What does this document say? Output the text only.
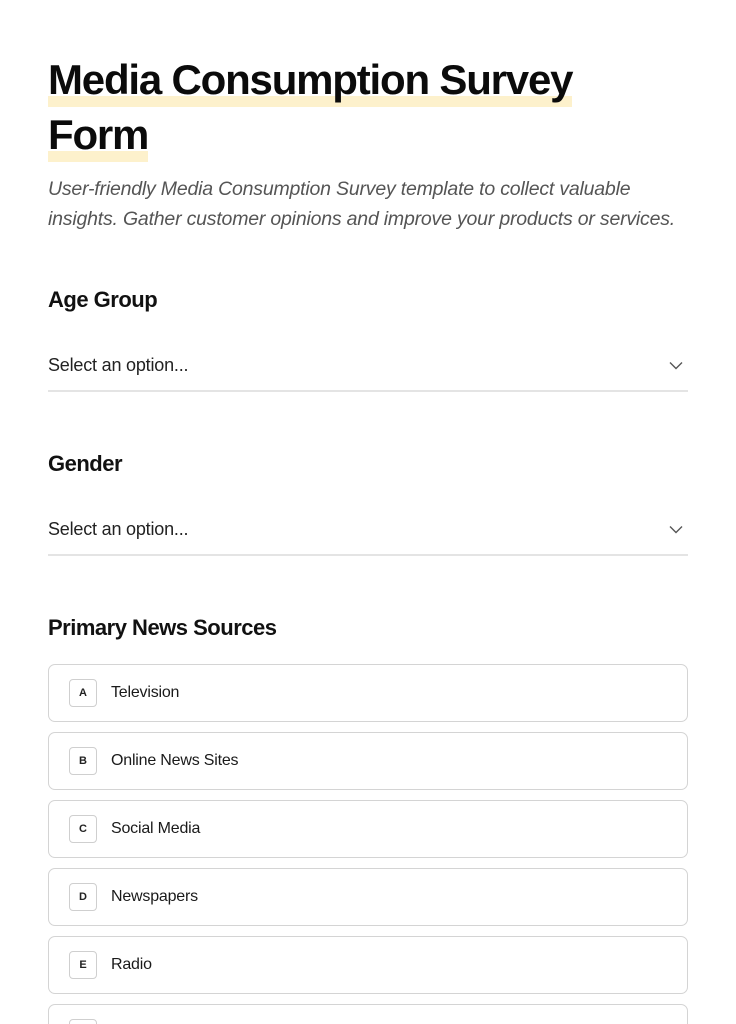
Media Consumption Survey
Form

User-friendly Media Consumption Survey template to collect valuable insights. Gather customer opinions and improve your products or services.

Age Group
Select an option...
Gender
Select an option...
Primary News Sources
A	Television
B	Online News Sites
C	Social Media
D	Newspapers
E	Radio
